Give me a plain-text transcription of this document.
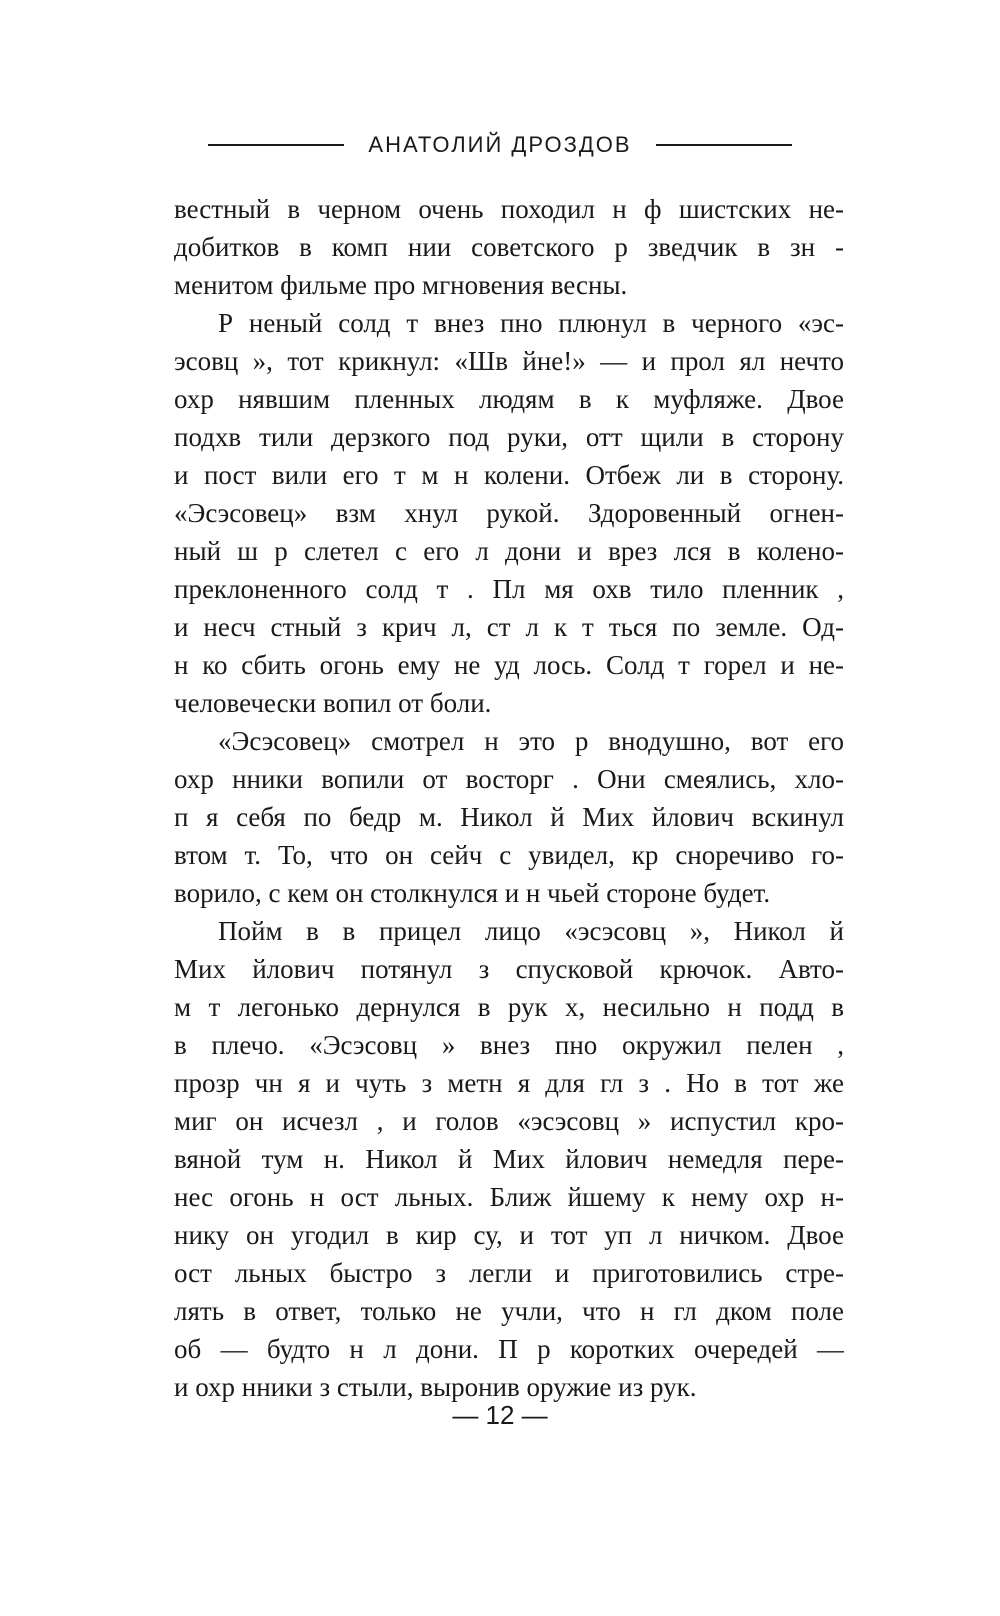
АНАТОЛИЙ ДРОЗДОВ
вестный в черном очень походил н ф шистских не-
добитков в комп нии советского р зведчик в зн -
менитом фильме про мгновения весны.
Р неный солд т внез пно плюнул в черного «эс-
эсовц », тот крикнул: «Шв йне!» — и прол ял нечто
охр нявшим пленных людям в к муфляже. Двое
подхв тили дерзкого под руки, отт щили в сторону
и пост вили его т м н колени. Отбеж ли в сторону.
«Эсэсовец» взм хнул рукой. Здоровенный огнен-
ный ш р слетел с его л дони и врез лся в колено-
преклоненного солд т . Пл мя охв тило пленник ,
и несч стный з крич л, ст л к т ться по земле. Од-
н ко сбить огонь ему не уд лось. Солд т горел и не-
человечески вопил от боли.
«Эсэсовец» смотрел н это р внодушно, вот его
охр нники вопили от восторг . Они смеялись, хло-
п я себя по бедр м. Никол й Мих йлович вскинул
втом т. То, что он сейч с увидел, кр сноречиво го-
ворило, с кем он столкнулся и н чьей стороне будет.
Пойм в в прицел лицо «эсэсовц », Никол й
Мих йлович потянул з спусковой крючок. Авто-
м т легонько дернулся в рук х, несильно н подд в
в плечо. «Эсэсовц » внез пно окружил пелен ,
прозр чн я и чуть з метн я для гл з . Но в тот же
миг он исчезл , и голов «эсэсовц » испустил кро-
вяной тум н. Никол й Мих йлович немедля пере-
нес огонь н ост льных. Ближ йшему к нему охр н-
нику он угодил в кир су, и тот уп л ничком. Двое
ост льных быстро з легли и приготовились стре-
лять в ответ, только не учли, что н гл дком поле
об — будто н л дони. П р коротких очередей —
и охр нники з стыли, выронив оружие из рук.
— 12 —
